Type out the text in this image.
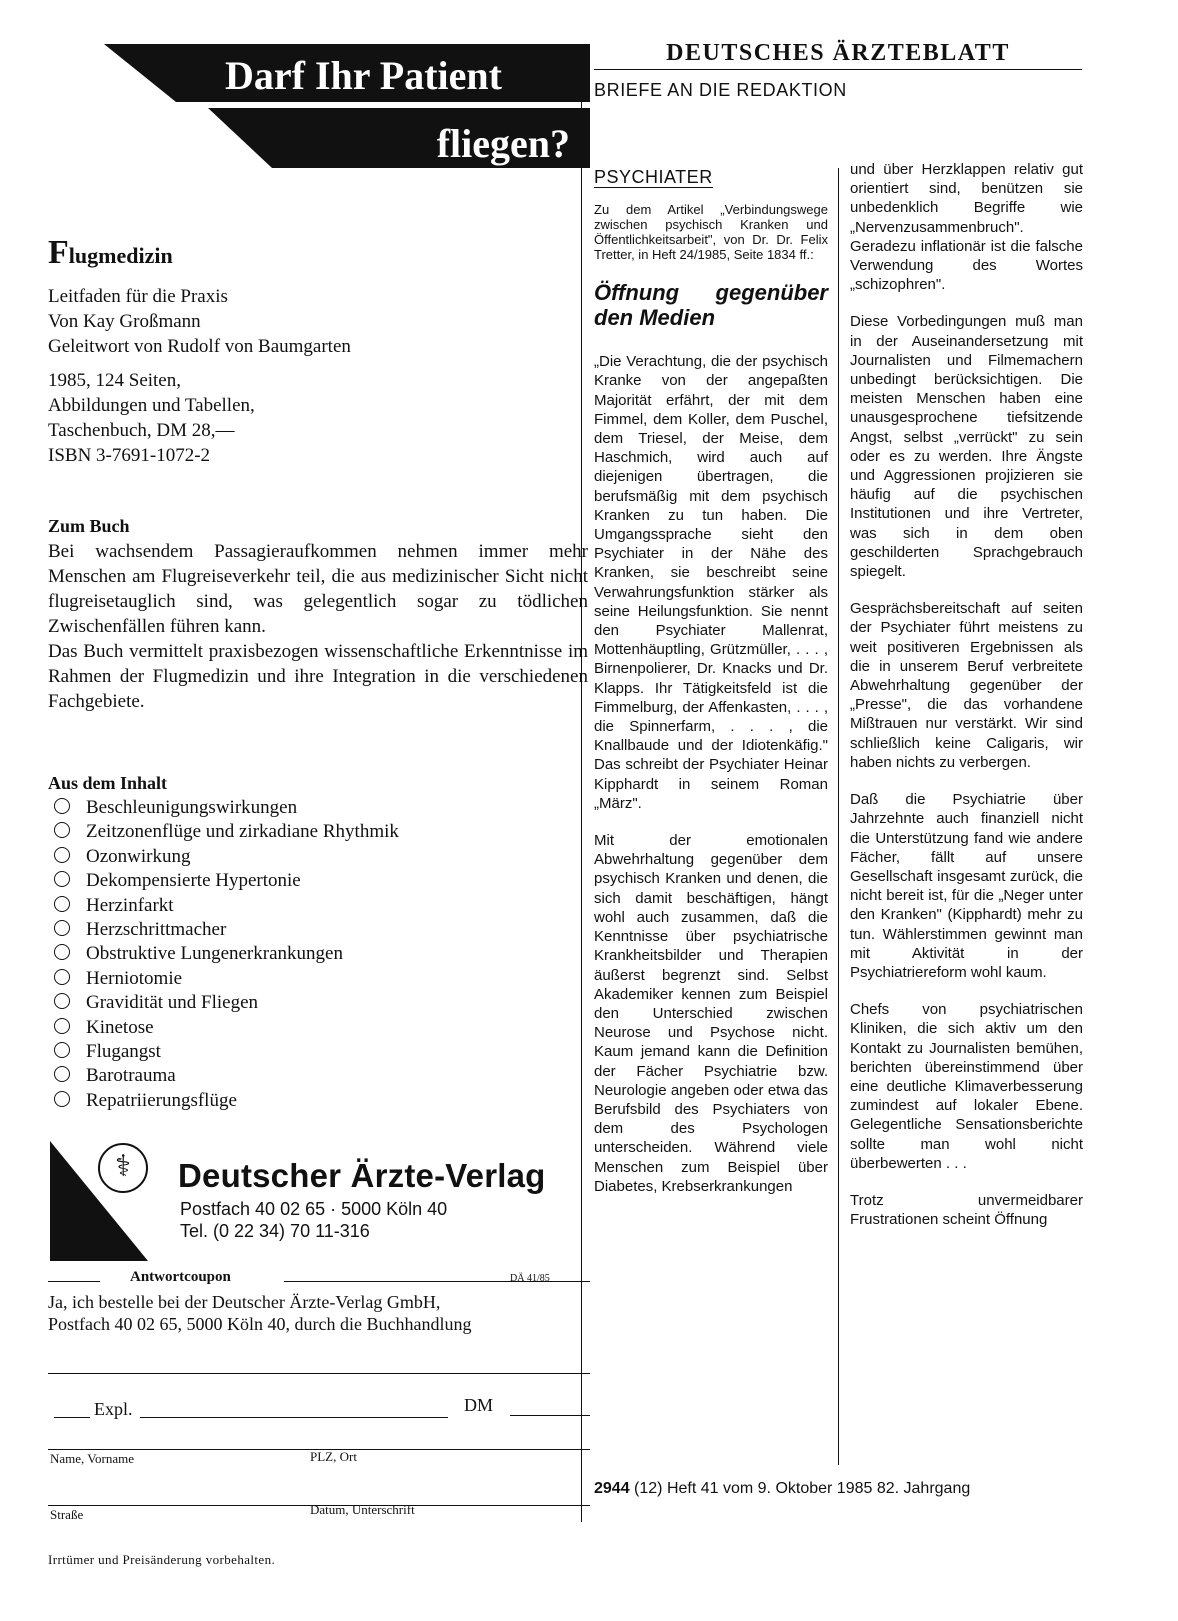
Darf Ihr Patient
fliegen?
Flugmedizin
Leitfaden für die Praxis
Von Kay Großmann
Geleitwort von Rudolf von Baumgarten
1985, 124 Seiten,
Abbildungen und Tabellen,
Taschenbuch, DM 28,—
ISBN 3-7691-1072-2
Zum Buch

Bei wachsendem Passagieraufkommen nehmen immer mehr Menschen am Flugreiseverkehr teil, die aus medizinischer Sicht nicht flugreisetauglich sind, was gelegentlich sogar zu tödlichen Zwischenfällen führen kann.

Das Buch vermittelt praxisbezogen wissenschaftliche Erkenntnisse im Rahmen der Flugmedizin und ihre Integration in die verschiedenen Fachgebiete.

Aus dem Inhalt
Beschleunigungswirkungen
Zeitzonenflüge und zirkadiane Rhythmik
Ozonwirkung
Dekompensierte Hypertonie
Herzinfarkt
Herzschrittmacher
Obstruktive Lungenerkrankungen
Herniotomie
Gravidität und Fliegen
Kinetose
Flugangst
Barotrauma
Repatriierungsflüge
⚕	Deutscher Ärzte-Verlag
Postfach 40 02 65 · 5000 Köln 40
Tel. (0 22 34) 70 11-316
Antwortcoupon	DÄ 41/85
Ja, ich bestelle bei der Deutscher Ärzte-Verlag GmbH,
Postfach 40 02 65, 5000 Köln 40, durch die Buchhandlung
Expl.	DM
Name, Vorname	PLZ, Ort
Straße	Datum, Unterschrift
Irrtümer und Preisänderung vorbehalten.
DEUTSCHES ÄRZTEBLATT
BRIEFE AN DIE REDAKTION
PSYCHIATER

Zu dem Artikel „Verbindungswege zwischen psychisch Kranken und Öffentlichkeitsarbeit", von Dr. Dr. Felix Tretter, in Heft 24/1985, Seite 1834 ff.:

Öffnung gegenüber den Medien

„Die Verachtung, die der psychisch Kranke von der angepaßten Majorität erfährt, der mit dem Fimmel, dem Koller, dem Puschel, dem Triesel, der Meise, dem Haschmich, wird auch auf diejenigen übertragen, die berufsmäßig mit dem psychisch Kranken zu tun haben. Die Umgangssprache sieht den Psychiater in der Nähe des Kranken, sie beschreibt seine Verwahrungsfunktion stärker als seine Heilungsfunktion. Sie nennt den Psychiater Mallenrat, Mottenhäuptling, Grützmüller, . . . , Birnenpolierer, Dr. Knacks und Dr. Klapps. Ihr Tätigkeitsfeld ist die Fimmelburg, der Affenkasten, . . . , die Spinnerfarm, . . . , die Knallbaude und der Idiotenkäfig." Das schreibt der Psychiater Heinar Kipphardt in seinem Roman „März".

Mit der emotionalen Abwehrhaltung gegenüber dem psychisch Kranken und denen, die sich damit beschäftigen, hängt wohl auch zusammen, daß die Kenntnisse über psychiatrische Krankheitsbilder und Therapien äußerst begrenzt sind. Selbst Akademiker kennen zum Beispiel den Unterschied zwischen Neurose und Psychose nicht. Kaum jemand kann die Definition der Fächer Psychiatrie bzw. Neurologie angeben oder etwa das Berufsbild des Psychiaters von dem des Psychologen unterscheiden. Während viele Menschen zum Beispiel über Diabetes, Krebserkrankungen

und über Herzklappen relativ gut orientiert sind, benützen sie unbedenklich Begriffe wie „Nervenzusammenbruch". Geradezu inflationär ist die falsche Verwendung des Wortes „schizophren".

Diese Vorbedingungen muß man in der Auseinandersetzung mit Journalisten und Filmemachern unbedingt berücksichtigen. Die meisten Menschen haben eine unausgesprochene tiefsitzende Angst, selbst „verrückt" zu sein oder es zu werden. Ihre Ängste und Aggressionen projizieren sie häufig auf die psychischen Institutionen und ihre Vertreter, was sich in dem oben geschilderten Sprachgebrauch spiegelt.

Gesprächsbereitschaft auf seiten der Psychiater führt meistens zu weit positiveren Ergebnissen als die in unserem Beruf verbreitete Abwehrhaltung gegenüber der „Presse", die das vorhandene Mißtrauen nur verstärkt. Wir sind schließlich keine Caligaris, wir haben nichts zu verbergen.

Daß die Psychiatrie über Jahrzehnte auch finanziell nicht die Unterstützung fand wie andere Fächer, fällt auf unsere Gesellschaft insgesamt zurück, die nicht bereit ist, für die „Neger unter den Kranken" (Kipphardt) mehr zu tun. Wählerstimmen gewinnt man mit Aktivität in der Psychiatriereform wohl kaum.

Chefs von psychiatrischen Kliniken, die sich aktiv um den Kontakt zu Journalisten bemühen, berichten übereinstimmend über eine deutliche Klimaverbesserung zumindest auf lokaler Ebene. Gelegentliche Sensationsberichte sollte man wohl nicht überbewerten . . .

Trotz unvermeidbarer Frustrationen scheint Öffnung

2944 (12) Heft 41 vom 9. Oktober 1985 82. Jahrgang
